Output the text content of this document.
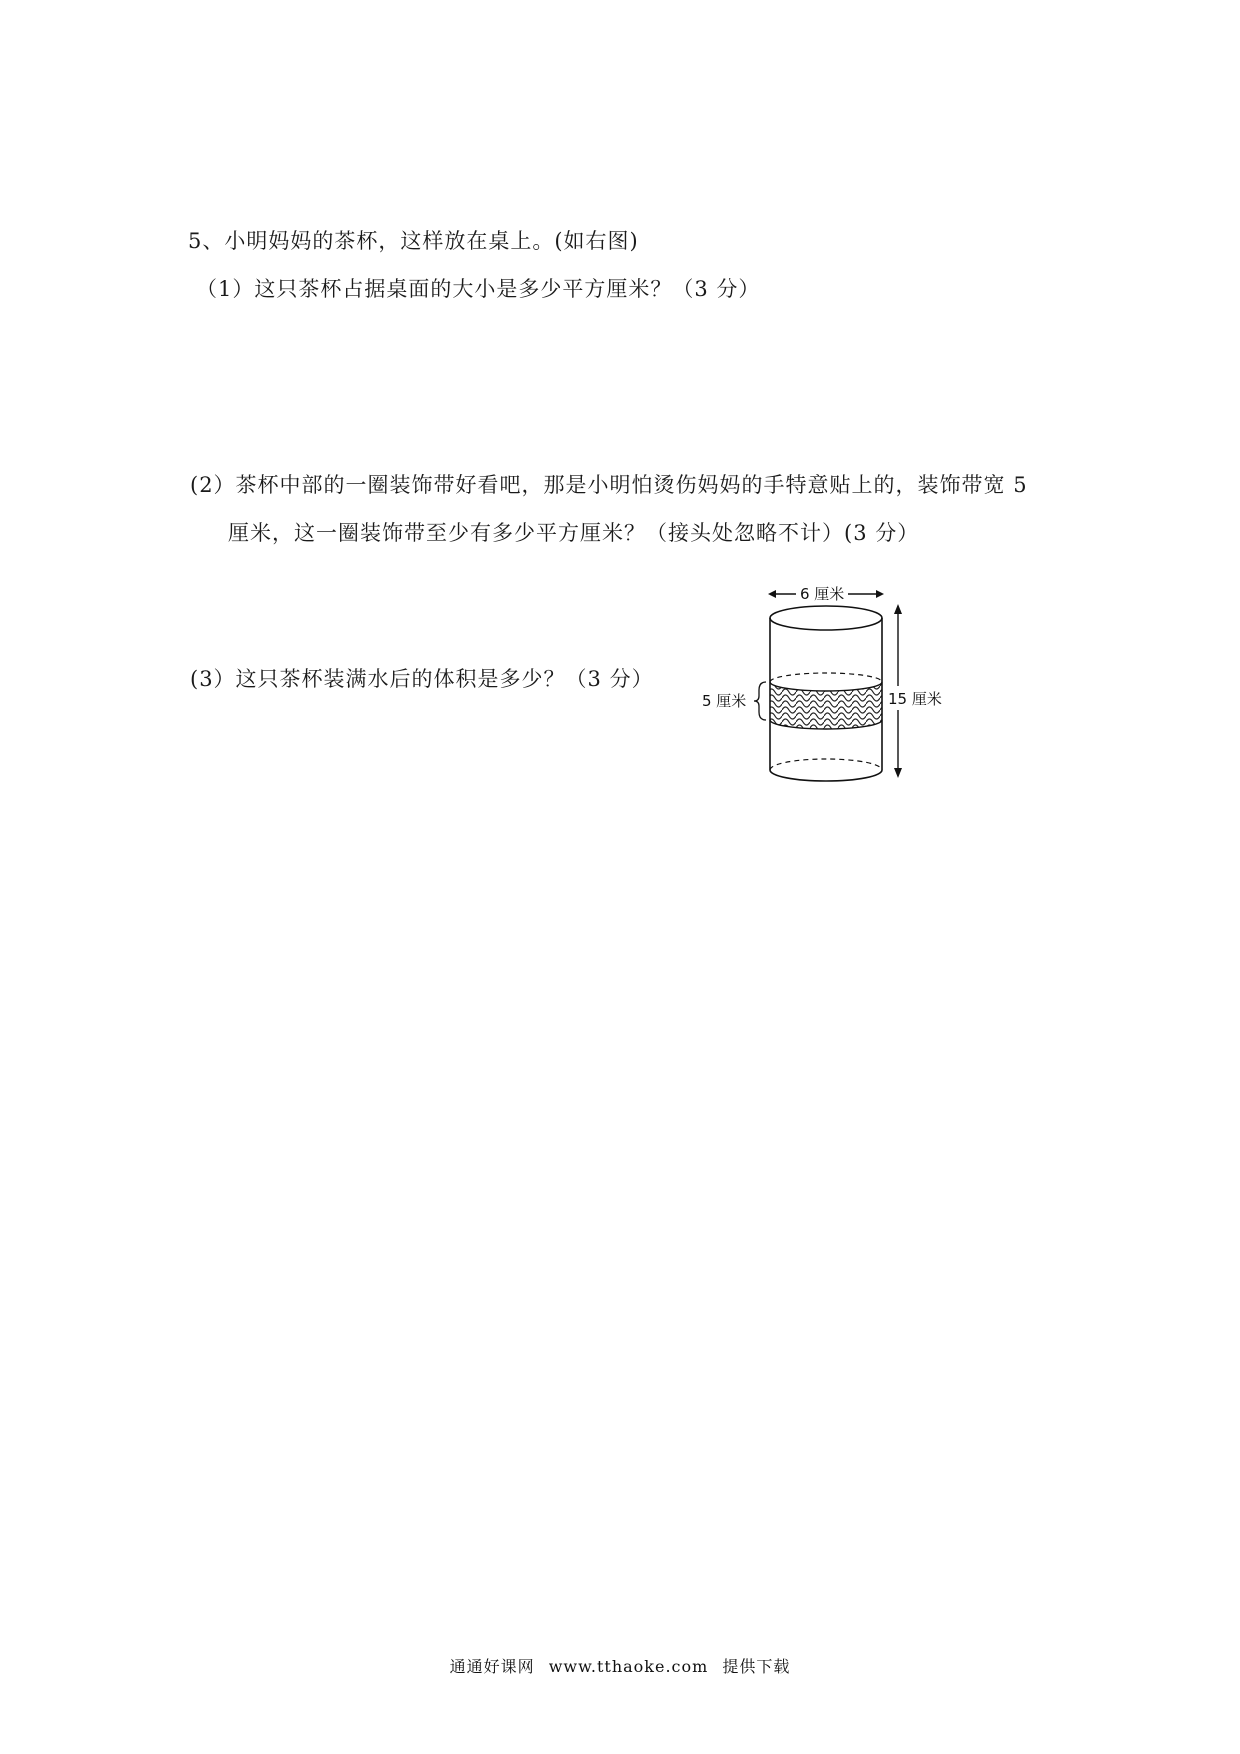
5、小明妈妈的茶杯，这样放在桌上。(如右图)
（1）这只茶杯占据桌面的大小是多少平方厘米？（3 分）
(2）茶杯中部的一圈装饰带好看吧，那是小明怕烫伤妈妈的手特意贴上的，装饰带宽 5
厘米，这一圈装饰带至少有多少平方厘米？（接头处忽略不计）(3 分）
(3）这只茶杯装满水后的体积是多少？（3 分）
6 厘米
5 厘米	15 厘米
通通好课网 www.tthaoke.com 提供下载
